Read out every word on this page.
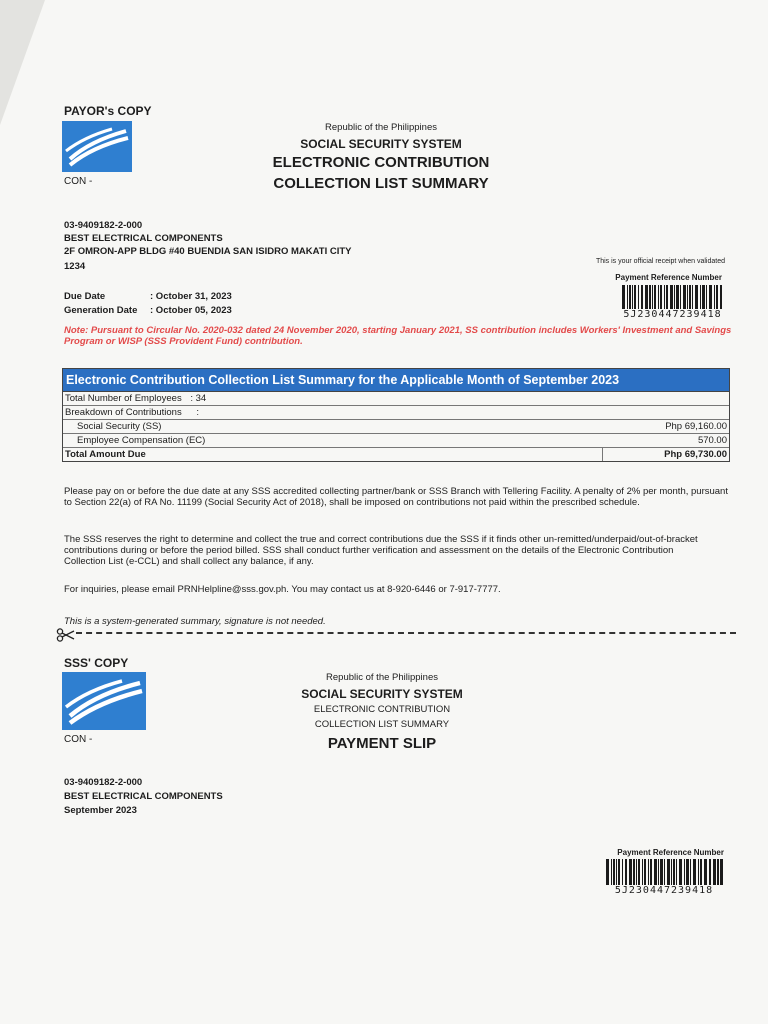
PAYOR's COPY
CON -
Republic of the Philippines
SOCIAL SECURITY SYSTEM
ELECTRONIC CONTRIBUTION
COLLECTION LIST SUMMARY
03-9409182-2-000
BEST ELECTRICAL COMPONENTS
2F OMRON-APP BLDG #40 BUENDIA SAN ISIDRO MAKATI CITY
1234	This is your official receipt when validated
Payment Reference Number
5J230447239418
Due Date	: October 31, 2023
Generation Date : October 05, 2023
Note: Pursuant to Circular No. 2020-032 dated 24 November 2020, starting January 2021, SS contribution includes Workers' Investment and Savings Program or WISP (SSS Provident Fund) contribution.
Electronic Contribution Collection List Summary for the Applicable Month of September 2023
Total Number of Employees : 34
Breakdown of Contributions :
Social Security (SS)	Php 69,160.00
Employee Compensation (EC)	570.00
Total Amount Due	Php 69,730.00
Please pay on or before the due date at any SSS accredited collecting partner/bank or SSS Branch with Tellering Facility. A penalty of 2% per month, pursuant to Section 22(a) of RA No. 11199 (Social Security Act of 2018), shall be imposed on contributions not paid within the prescribed schedule.
The SSS reserves the right to determine and collect the true and correct contributions due the SSS if it finds other un-remitted/underpaid/out-of-bracket contributions during or before the period billed. SSS shall conduct further verification and assessment on the details of the Electronic Contribution Collection List (e-CCL) and shall collect any balance, if any.
For inquiries, please email PRNHelpline@sss.gov.ph. You may contact us at 8-920-6446 or 7-917-7777.
This is a system-generated summary, signature is not needed.
SSS' COPY
CON -
Republic of the Philippines
SOCIAL SECURITY SYSTEM
ELECTRONIC CONTRIBUTION
COLLECTION LIST SUMMARY
PAYMENT SLIP
03-9409182-2-000
BEST ELECTRICAL COMPONENTS
September 2023
Payment Reference Number
5J230447239418
